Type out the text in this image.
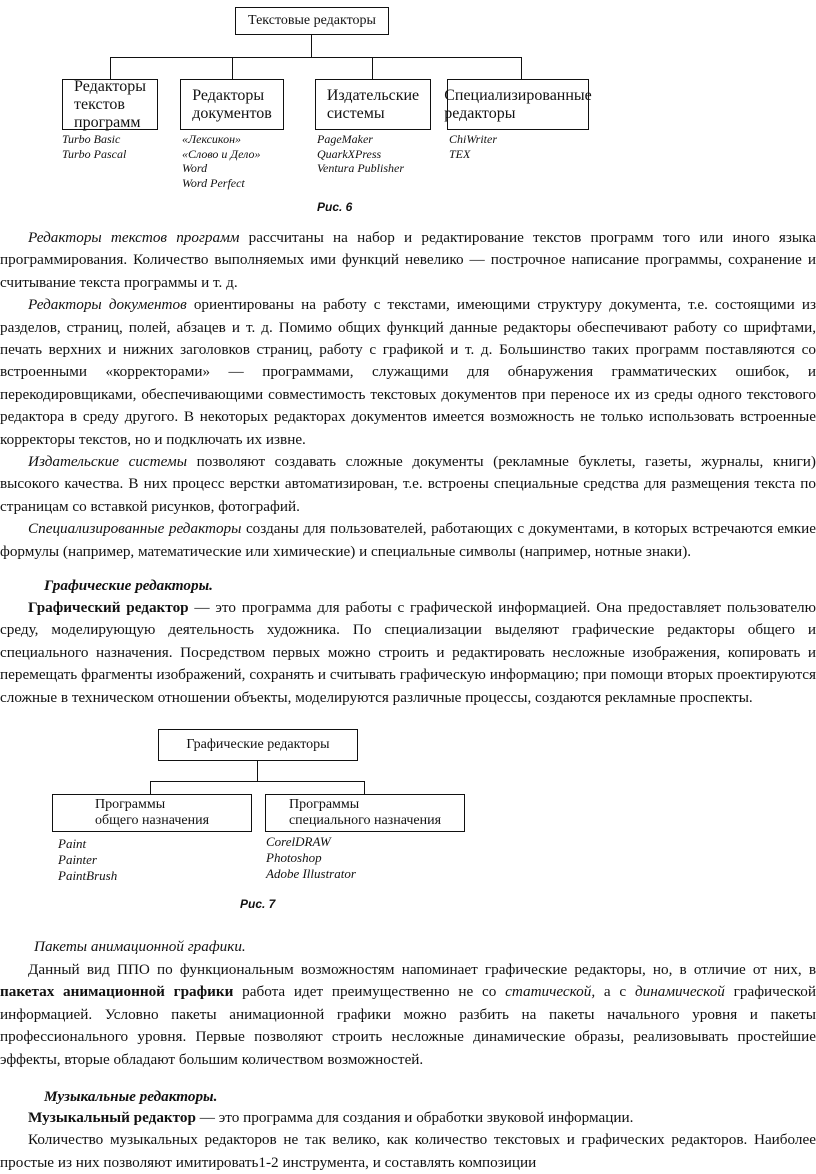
Текстовые редакторы
Редакторы
текстов
программ
Редакторы
документов
Издательские
системы
Специализированные
редакторы
Turbo Basic
Turbo Pascal
«Лексикон»
«Слово и Дело»
Word
Word Perfect
PageMaker
QuarkXPress
Ventura Publisher
ChiWriter
TEX
Рис. 6

Редакторы текстов программ рассчитаны на набор и редактирование текстов программ того или иного языка программирования. Количество выполняемых ими функций невелико — построчное написание программы, сохранение и считывание текста программы и т. д.

Редакторы документов ориентированы на работу с текстами, имеющими структуру документа, т.е. состоящими из разделов, страниц, полей, абзацев и т. д. Помимо общих функций данные редакторы обеспечивают работу со шрифтами, печать верхних и нижних заголовков страниц, работу с графикой и т. д. Большинство таких программ поставляются со встроенными «корректорами» — программами, служащими для обнаружения грамматических ошибок, и перекодировщиками, обеспечивающими совместимость текстовых документов при переносе их из среды одного текстового редактора в среду другого. В некоторых редакторах документов имеется возможность не только использовать встроенные корректоры текстов, но и подключать их извне.

Издательские системы позволяют создавать сложные документы (рекламные буклеты, газеты, журналы, книги) высокого качества. В них процесс верстки автоматизирован, т.е. встроены специальные средства для размещения текста по страницам со вставкой рисунков, фотографий.

Специализированные редакторы созданы для пользователей, работающих с документами, в которых встречаются емкие формулы (например, математические или химические) и специальные символы (например, нотные знаки).

Графические редакторы.

Графический редактор — это программа для работы с графической информацией. Она предоставляет пользователю среду, моделирующую деятельность художника. По специализации выделяют графические редакторы общего и специального назначения. Посредством первых можно строить и редактировать несложные изображения, копировать и перемещать фрагменты изображений, сохранять и считывать графическую информацию; при помощи вторых проектируются сложные в техническом отношении объекты, моделируются различные процессы, создаются рекламные проспекты.

Графические редакторы
Программы
общего назначения
Программы
специального назначения
Paint
Painter
PaintBrush
CorelDRAW
Photoshop
Adobe Illustrator
Рис. 7
Пакеты анимационной графики.

Данный вид ППО по функциональным возможностям напоминает графические редакторы, но, в отличие от них, в пакетах анимационной графики работа идет преимущественно не со статической, а с динамической графической информацией. Условно пакеты анимационной графики можно разбить на пакеты начального уровня и пакеты профессионального уровня. Первые позволяют строить несложные динамические образы, реализовывать простейшие эффекты, вторые обладают большим количеством возможностей.

Музыкальные редакторы.

Музыкальный редактор — это программа для создания и обработки звуковой информации.

Количество музыкальных редакторов не так велико, как количество текстовых и графических редакторов. Наиболее простые из них позволяют имитировать1-2 инструмента, и составлять композиции
